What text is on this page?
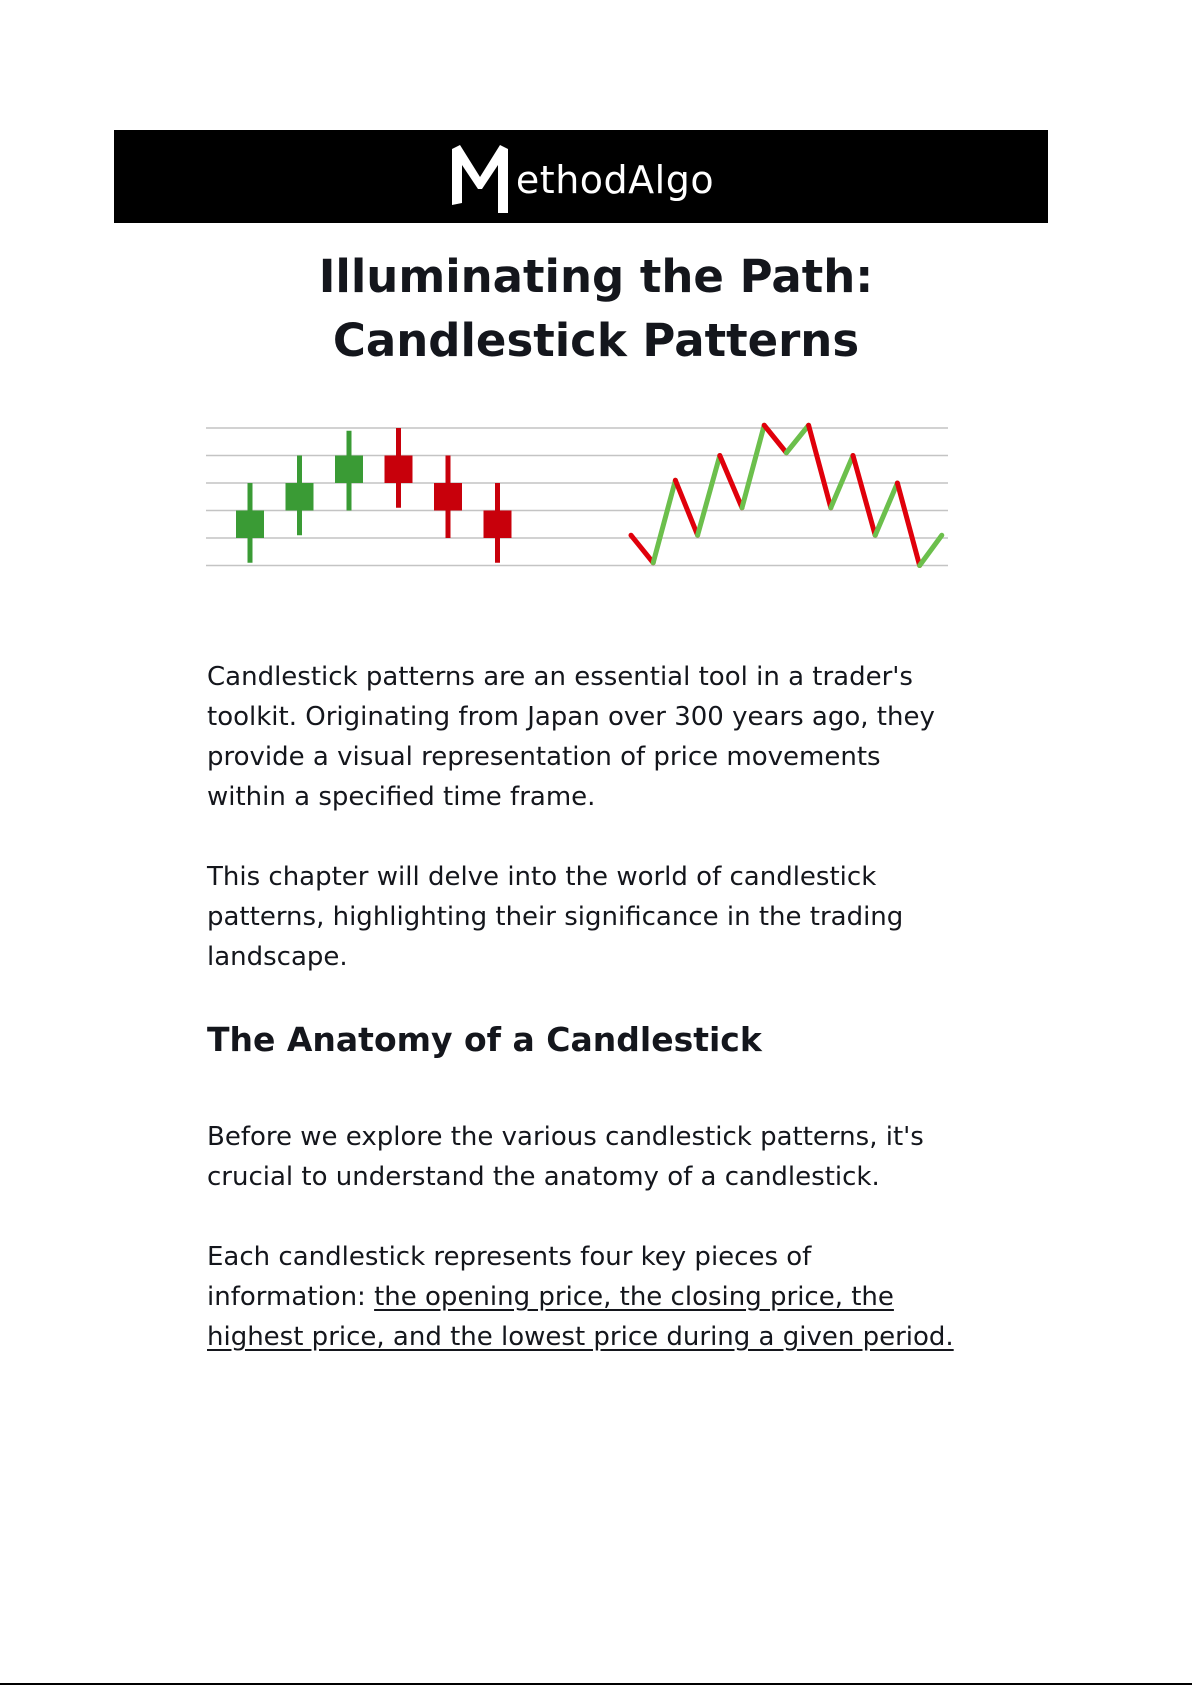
ethodAlgo
Illuminating the Path:
Candlestick Patterns

Candlestick patterns are an essential tool in a trader's toolkit. Originating from Japan over 300 years ago, they provide a visual representation of price movements within a specified time frame.

This chapter will delve into the world of candlestick patterns, highlighting their significance in the trading landscape.

The Anatomy of a Candlestick

Before we explore the various candlestick patterns, it's crucial to understand the anatomy of a candlestick.

Each candlestick represents four key pieces of information: the opening price, the closing price, the highest price, and the lowest price during a given period.
